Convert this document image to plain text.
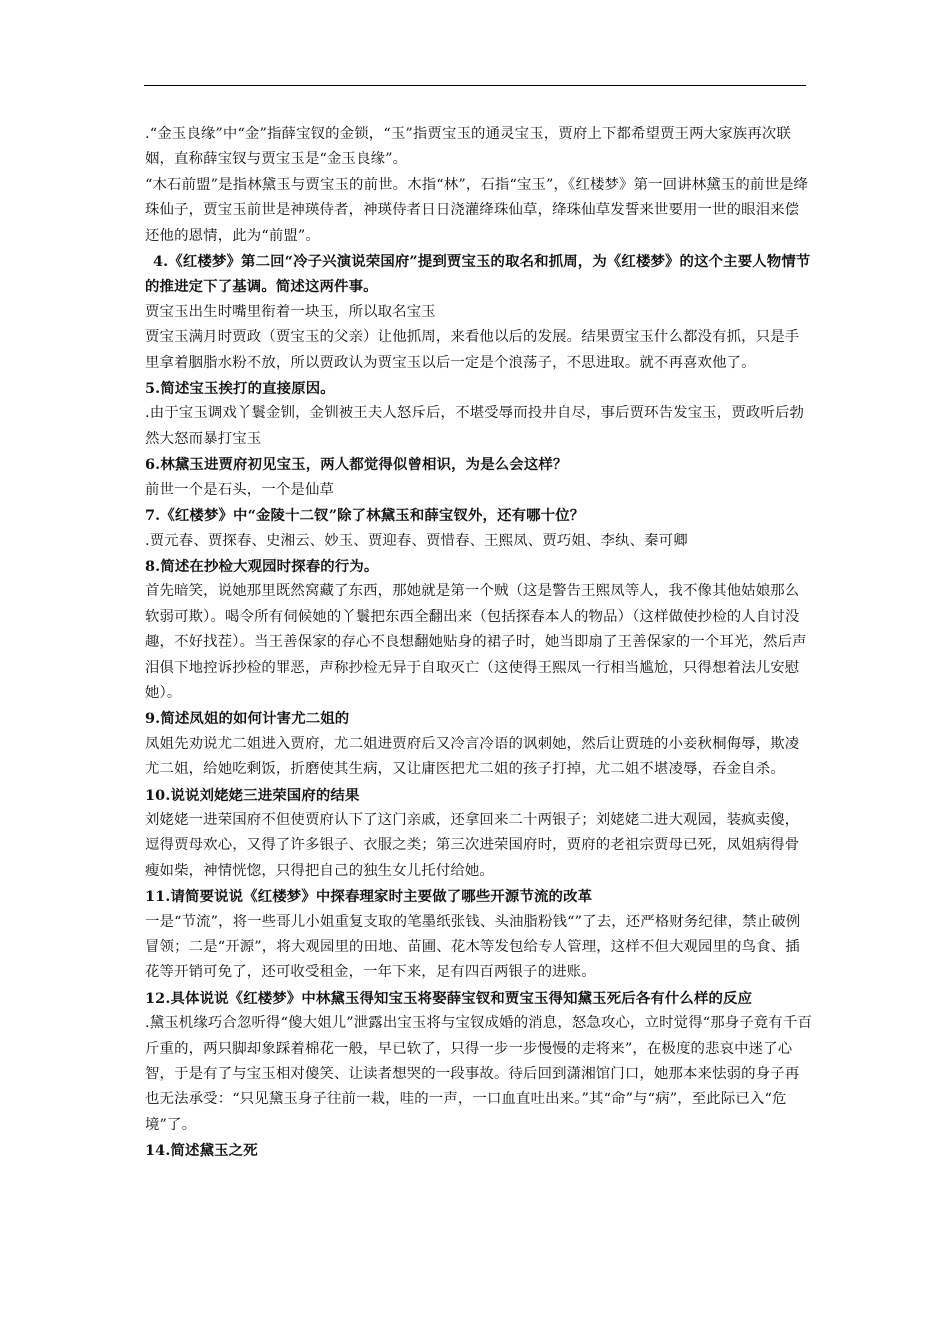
.“金玉良缘”中“金”指薛宝钗的金锁，“玉”指贾宝玉的通灵宝玉，贾府上下都希望贾王两大家族再次联姻，直称薛宝钗与贾宝玉是“金玉良缘”。

“木石前盟”是指林黛玉与贾宝玉的前世。木指“林”，石指“宝玉”，《红楼梦》第一回讲林黛玉的前世是绛珠仙子，贾宝玉前世是神瑛侍者，神瑛侍者日日浇灌绛珠仙草，绛珠仙草发誓来世要用一世的眼泪来偿还他的恩情，此为“前盟”。

4.《红楼梦》第二回“冷子兴演说荣国府”提到贾宝玉的取名和抓周，为《红楼梦》的这个主要人物情节的推进定下了基调。简述这两件事。

贾宝玉出生时嘴里衔着一块玉，所以取名宝玉

贾宝玉满月时贾政（贾宝玉的父亲）让他抓周，来看他以后的发展。结果贾宝玉什么都没有抓，只是手里拿着胭脂水粉不放，所以贾政认为贾宝玉以后一定是个浪荡子，不思进取。就不再喜欢他了。

5.简述宝玉挨打的直接原因。

.由于宝玉调戏丫鬟金钏，金钏被王夫人怒斥后，不堪受辱而投井自尽，事后贾环告发宝玉，贾政听后勃然大怒而暴打宝玉

6.林黛玉进贾府初见宝玉，两人都觉得似曾相识，为是么会这样？

前世一个是石头，一个是仙草

7.《红楼梦》中“金陵十二钗”除了林黛玉和薛宝钗外，还有哪十位？

.贾元春、贾探春、史湘云、妙玉、贾迎春、贾惜春、王熙凤、贾巧姐、李纨、秦可卿

8.简述在抄检大观园时探春的行为。

首先暗笑，说她那里既然窝藏了东西，那她就是第一个贼（这是警告王熙凤等人，我不像其他姑娘那么软弱可欺）。喝令所有伺候她的丫鬟把东西全翻出来（包括探春本人的物品）（这样做使抄检的人自讨没趣，不好找茬）。当王善保家的存心不良想翻她贴身的裙子时，她当即扇了王善保家的一个耳光，然后声泪俱下地控诉抄检的罪恶，声称抄检无异于自取灭亡（这使得王熙凤一行相当尴尬，只得想着法儿安慰她）。

9.简述凤姐的如何计害尤二姐的

凤姐先劝说尤二姐进入贾府，尤二姐进贾府后又冷言冷语的讽刺她，然后让贾琏的小妾秋桐侮辱，欺凌尤二姐，给她吃剩饭，折磨使其生病，又让庸医把尤二姐的孩子打掉，尤二姐不堪凌辱，吞金自杀。

10.说说刘姥姥三进荣国府的结果

刘姥姥一进荣国府不但使贾府认下了这门亲戚，还拿回来二十两银子；刘姥姥二进大观园，装疯卖傻，逗得贾母欢心，又得了许多银子、衣服之类；第三次进荣国府时，贾府的老祖宗贾母已死，凤姐病得骨瘦如柴，神情恍惚，只得把自己的独生女儿托付给她。

11.请简要说说《红楼梦》中探春理家时主要做了哪些开源节流的改革

一是“节流”，将一些哥儿小姐重复支取的笔墨纸张钱、头油脂粉钱“”了去，还严格财务纪律，禁止破例冒领；二是“开源”，将大观园里的田地、苗圃、花木等发包给专人管理，这样不但大观园里的鸟食、插花等开销可免了，还可收受租金，一年下来，足有四百两银子的进账。

12.具体说说《红楼梦》中林黛玉得知宝玉将娶薛宝钗和贾宝玉得知黛玉死后各有什么样的反应

.黛玉机缘巧合忽听得“傻大姐儿”泄露出宝玉将与宝钗成婚的消息，怒急攻心，立时觉得“那身子竟有千百斤重的，两只脚却象踩着棉花一般，早已软了，只得一步一步慢慢的走将来”，在极度的悲哀中迷了心智，于是有了与宝玉相对傻笑、让读者想哭的一段事故。待后回到潇湘馆门口，她那本来怯弱的身子再也无法承受：“只见黛玉身子往前一栽，哇的一声，一口血直吐出来。”其“命”与“病”，至此际已入“危境”了。

14.简述黛玉之死
